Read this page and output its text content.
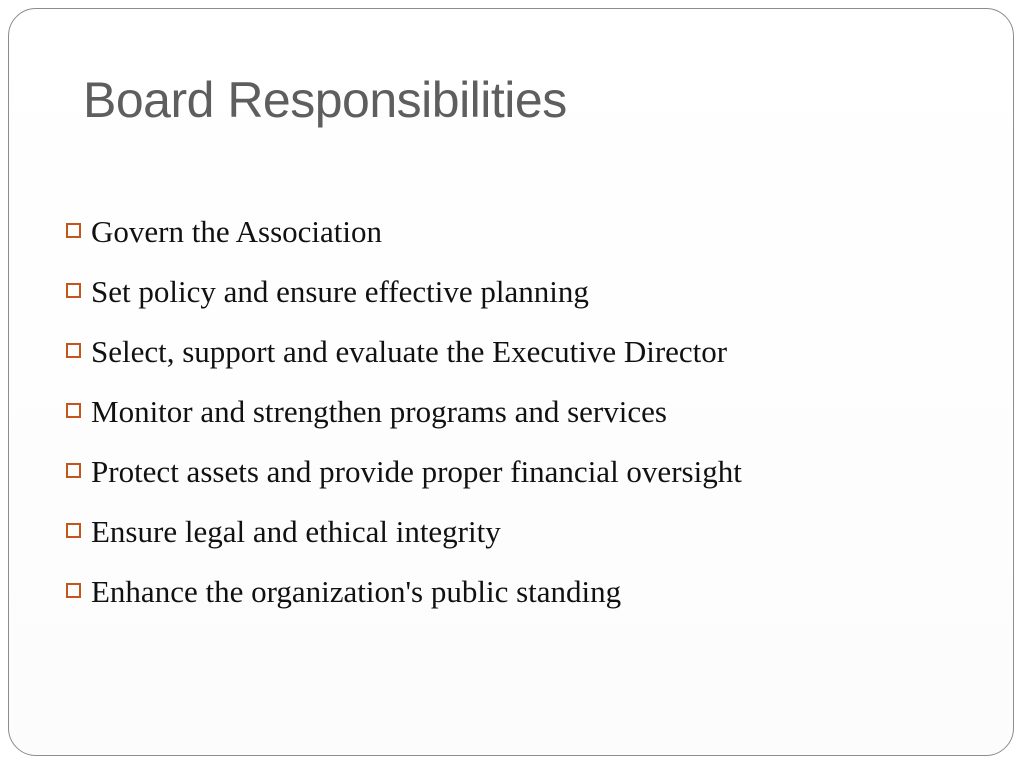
Board Responsibilities
Govern the Association
Set policy and ensure effective planning
Select, support and evaluate the Executive Director
Monitor and strengthen programs and services
Protect assets and provide proper financial oversight
Ensure legal and ethical integrity
Enhance the organization's public standing
